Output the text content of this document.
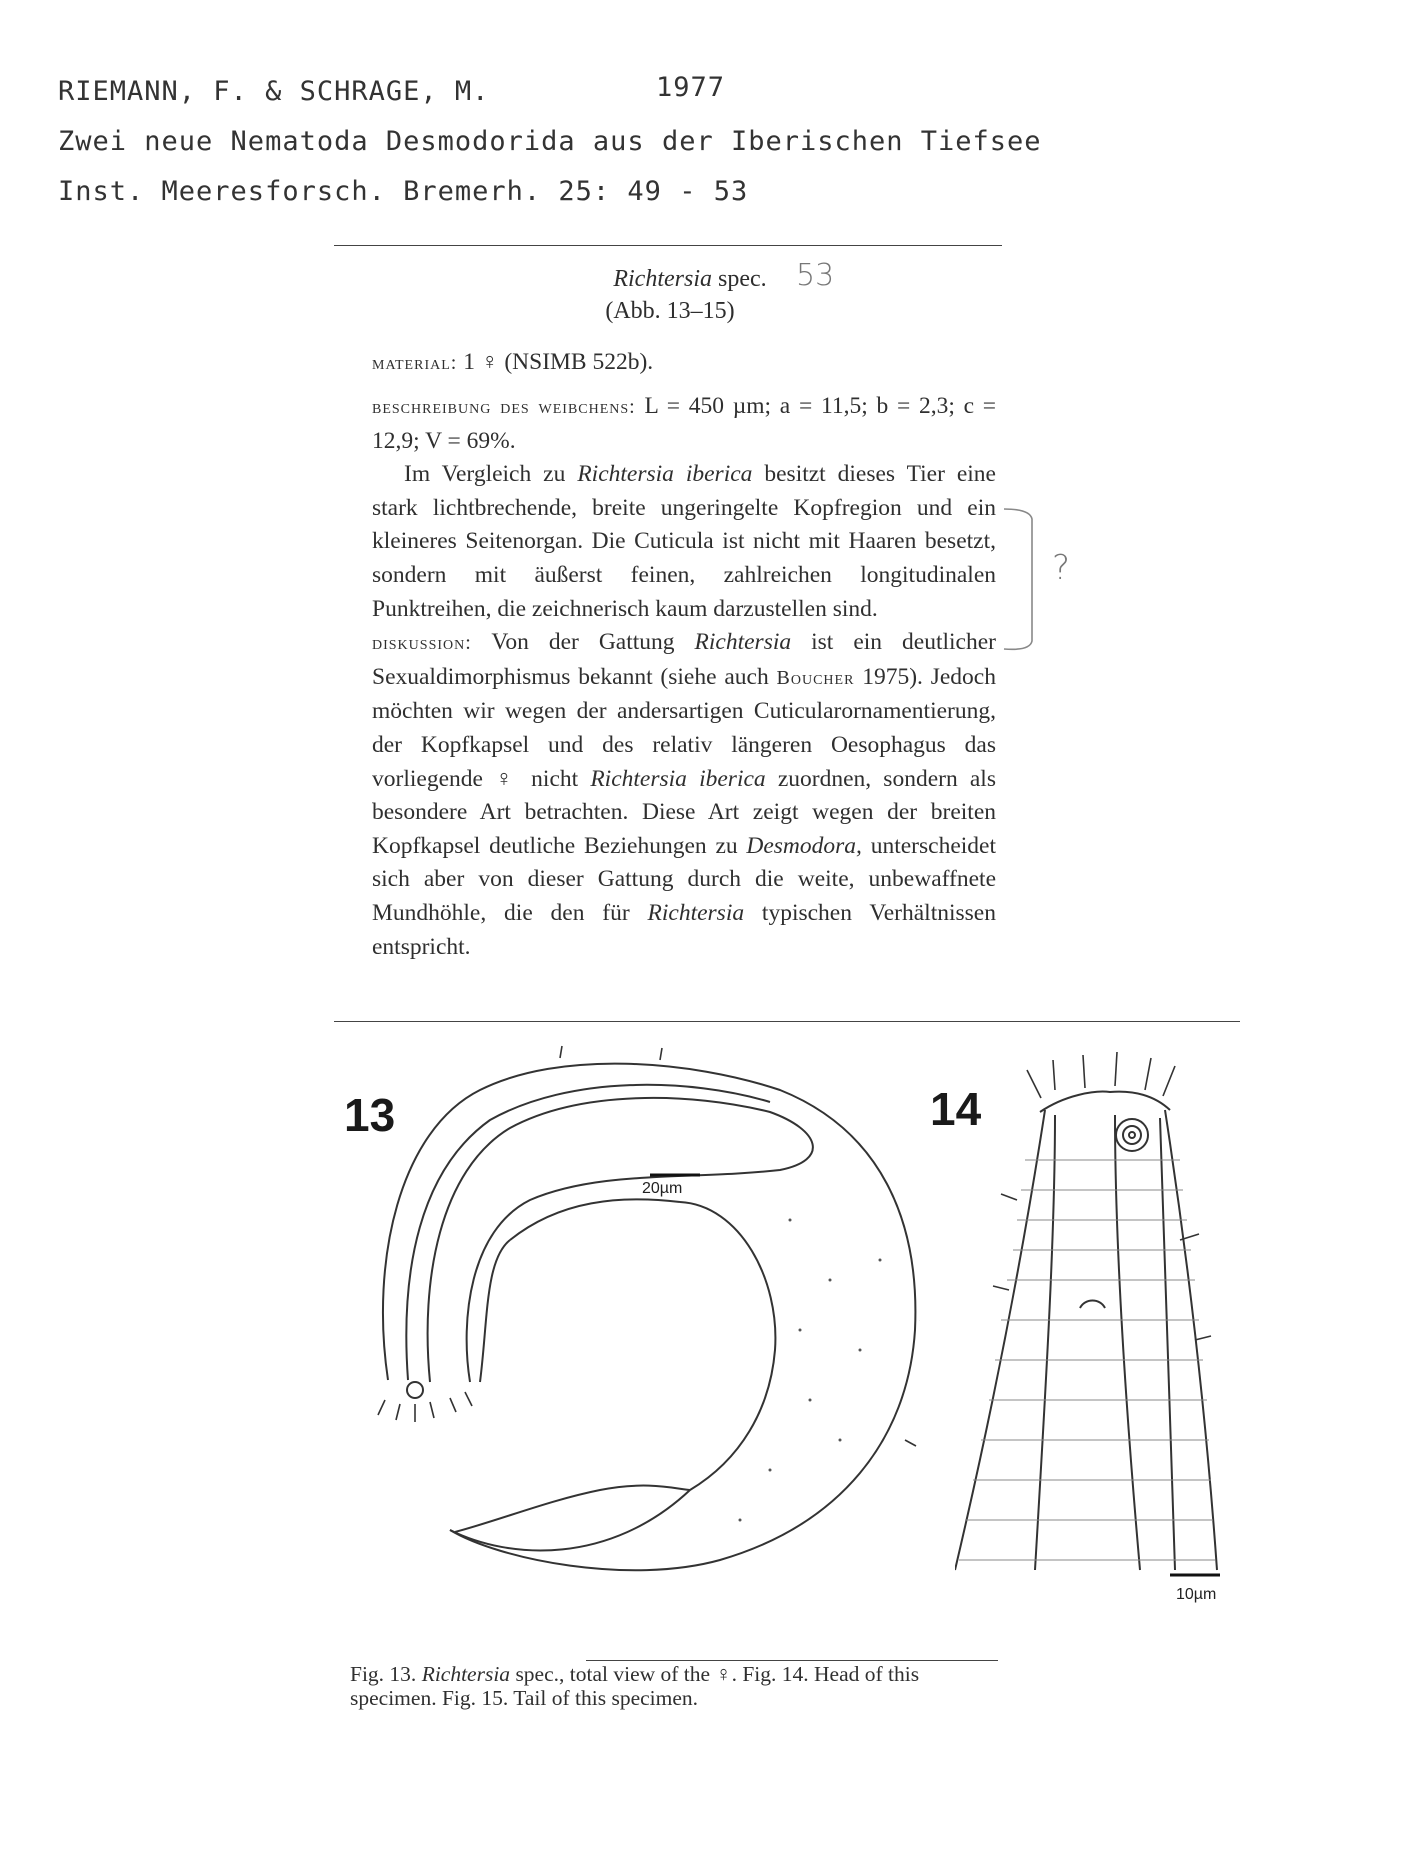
RIEMANN, F. & SCHRAGE, M.	1977
Zwei neue Nematoda Desmodorida aus der Iberischen Tiefsee
Inst. Meeresforsch. Bremerh. 25: 49 - 53
Richtersia spec.
(Abb. 13–15)
53
material: 1 ♀ (NSIMB 522b).

beschreibung des weibchens: L = 450 µm; a = 11,5; b = 2,3; c = 12,9; V = 69%.

Im Vergleich zu Richtersia iberica besitzt dieses Tier eine stark lichtbrechende, breite ungeringelte Kopfregion und ein kleineres Seitenorgan. Die Cuticula ist nicht mit Haaren besetzt, sondern mit äußerst feinen, zahlreichen longitudinalen Punktreihen, die zeichnerisch kaum darzustellen sind.

diskussion: Von der Gattung Richtersia ist ein deutlicher Sexualdimorphismus bekannt (siehe auch Boucher 1975). Jedoch möchten wir wegen der andersartigen Cuticularornamentierung, der Kopfkapsel und des relativ längeren Oesophagus das vorliegende ♀ nicht Richtersia iberica zuordnen, sondern als besondere Art betrachten. Diese Art zeigt wegen der breiten Kopfkapsel deutliche Beziehungen zu Desmodora, unterscheidet sich aber von dieser Gattung durch die weite, unbewaffnete Mundhöhle, die den für Richtersia typischen Verhältnissen entspricht.

?
13
20µm
14
10µm
Fig. 13. Richtersia spec., total view of the ♀. Fig. 14. Head of this specimen. Fig. 15. Tail of this specimen.
